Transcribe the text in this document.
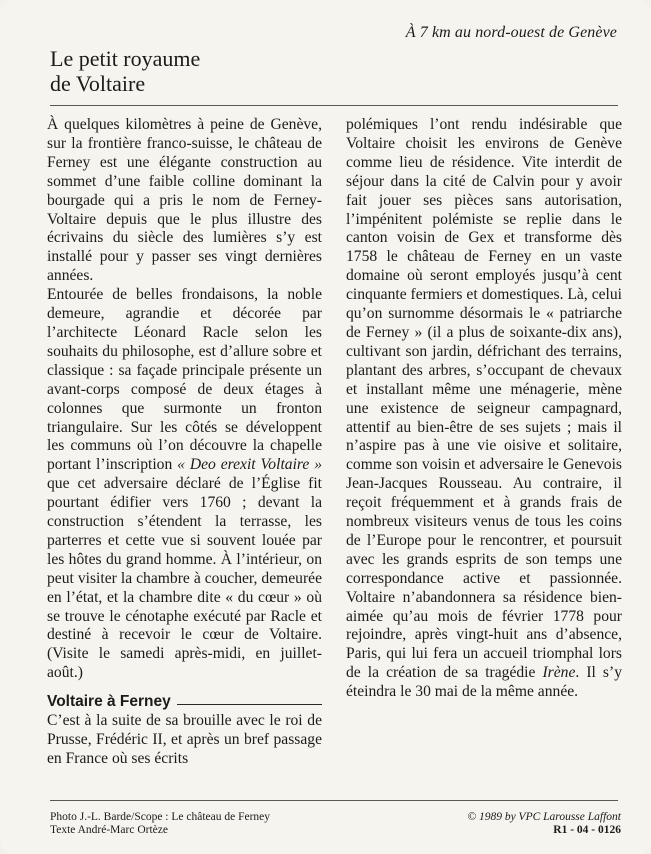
À 7 km au nord-ouest de Genève
Le petit royaume
de Voltaire

À quelques kilomètres à peine de Genève, sur la frontière franco-suisse, le château de Ferney est une élégante construction au sommet d’une faible colline dominant la bourgade qui a pris le nom de Ferney-Voltaire depuis que le plus illustre des écrivains du siècle des lumières s’y est installé pour y passer ses vingt dernières années.

Entourée de belles frondaisons, la noble demeure, agrandie et décorée par l’architecte Léonard Racle selon les souhaits du philosophe, est d’allure sobre et classique : sa façade principale présente un avant-corps composé de deux étages à colonnes que surmonte un fronton triangulaire. Sur les côtés se développent les communs où l’on découvre la chapelle portant l’inscription « Deo erexit Voltaire » que cet adversaire déclaré de l’Église fit pourtant édifier vers 1760 ; devant la construction s’étendent la terrasse, les parterres et cette vue si souvent louée par les hôtes du grand homme. À l’intérieur, on peut visiter la chambre à coucher, demeurée en l’état, et la chambre dite « du cœur » où se trouve le cénotaphe exécuté par Racle et destiné à recevoir le cœur de Voltaire. (Visite le samedi après-midi, en juillet-août.)

Voltaire à Ferney

C’est à la suite de sa brouille avec le roi de Prusse, Frédéric II, et après un bref passage en France où ses écrits

polémiques l’ont rendu indésirable que Voltaire choisit les environs de Genève comme lieu de résidence. Vite interdit de séjour dans la cité de Calvin pour y avoir fait jouer ses pièces sans autorisation, l’impénitent polémiste se replie dans le canton voisin de Gex et transforme dès 1758 le château de Ferney en un vaste domaine où seront employés jusqu’à cent cinquante fermiers et domestiques. Là, celui qu’on surnomme désormais le « patriarche de Ferney » (il a plus de soixante-dix ans), cultivant son jardin, défrichant des terrains, plantant des arbres, s’occupant de chevaux et installant même une ménagerie, mène une existence de seigneur campagnard, attentif au bien-être de ses sujets ; mais il n’aspire pas à une vie oisive et solitaire, comme son voisin et adversaire le Genevois Jean-Jacques Rousseau. Au contraire, il reçoit fréquemment et à grands frais de nombreux visiteurs venus de tous les coins de l’Europe pour le rencontrer, et poursuit avec les grands esprits de son temps une correspondance active et passionnée. Voltaire n’abandonnera sa résidence bien-aimée qu’au mois de février 1778 pour rejoindre, après vingt-huit ans d’absence, Paris, qui lui fera un accueil triomphal lors de la création de sa tragédie Irène. Il s’y éteindra le 30 mai de la même année.

Photo J.-L. Barde/Scope : Le château de Ferney
Texte André-Marc Ortèze
© 1989 by VPC Larousse Laffont
R1 - 04 - 0126
